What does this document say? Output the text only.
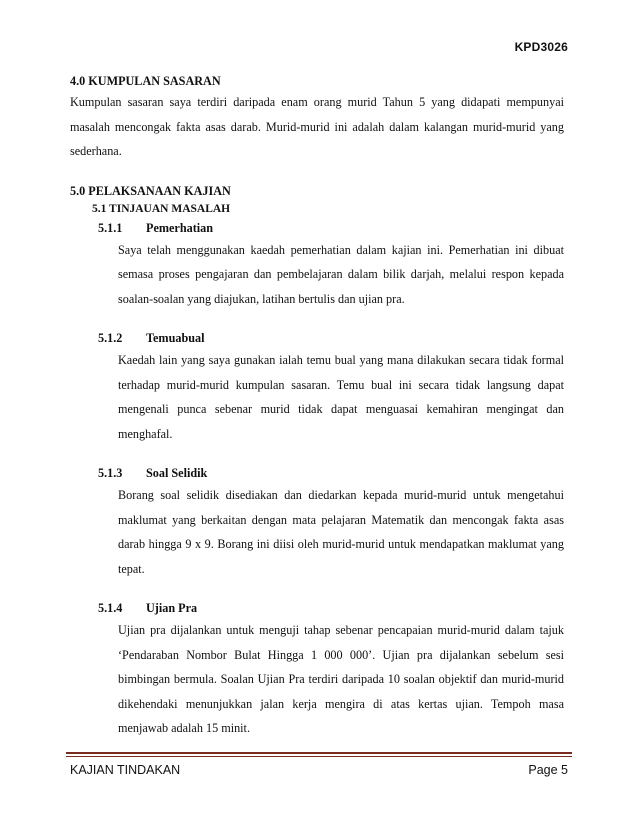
KPD3026

4.0 KUMPULAN SASARAN

Kumpulan sasaran saya terdiri daripada enam orang murid Tahun 5 yang didapati mempunyai masalah mencongak fakta asas darab. Murid-murid ini adalah dalam kalangan murid-murid yang sederhana.

5.0 PELAKSANAAN KAJIAN

5.1 TINJAUAN MASALAH

5.1.1 Pemerhatian

Saya telah menggunakan kaedah pemerhatian dalam kajian ini. Pemerhatian ini dibuat semasa proses pengajaran dan pembelajaran dalam bilik darjah, melalui respon kepada soalan-soalan yang diajukan, latihan bertulis dan ujian pra.

5.1.2 Temuabual

Kaedah lain yang saya gunakan ialah temu bual yang mana dilakukan secara tidak formal terhadap murid-murid kumpulan sasaran. Temu bual ini secara tidak langsung dapat mengenali punca sebenar murid tidak dapat menguasai kemahiran mengingat dan menghafal.

5.1.3 Soal Selidik

Borang soal selidik disediakan dan diedarkan kepada murid-murid untuk mengetahui maklumat yang berkaitan dengan mata pelajaran Matematik dan mencongak fakta asas darab hingga 9 x 9. Borang ini diisi oleh murid-murid untuk mendapatkan maklumat yang tepat.

5.1.4 Ujian Pra

Ujian pra dijalankan untuk menguji tahap sebenar pencapaian murid-murid dalam tajuk ‘Pendaraban Nombor Bulat Hingga 1 000 000’. Ujian pra dijalankan sebelum sesi bimbingan bermula. Soalan Ujian Pra terdiri daripada 10 soalan objektif dan murid-murid dikehendaki menunjukkan jalan kerja mengira di atas kertas ujian. Tempoh masa menjawab adalah 15 minit.

KAJIAN TINDAKAN	Page 5
